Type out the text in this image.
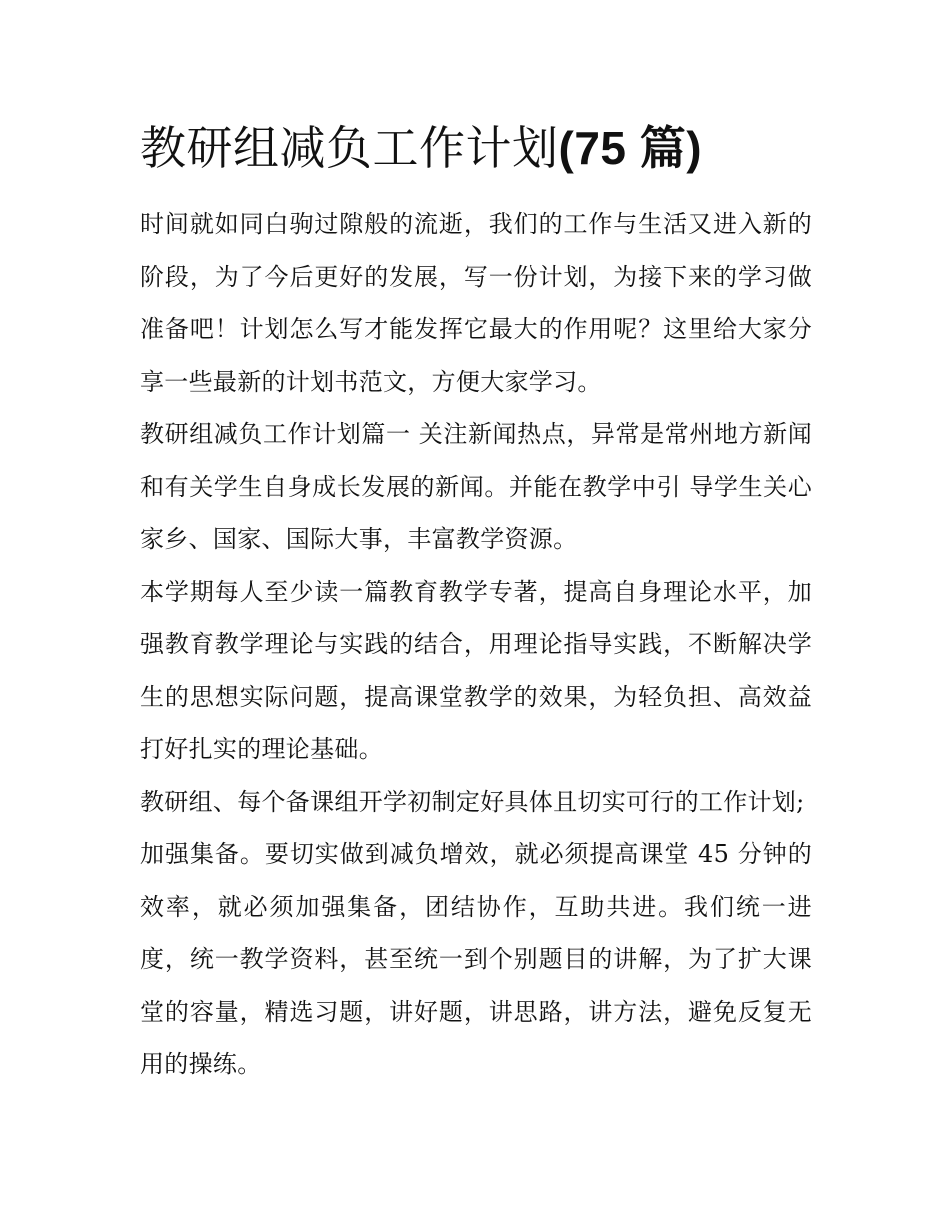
教研组减负工作计划(75 篇)

时间就如同白驹过隙般的流逝，我们的工作与生活又进入新的阶段，为了今后更好的发展，写一份计划，为接下来的学习做准备吧！计划怎么写才能发挥它最大的作用呢？这里给大家分享一些最新的计划书范文，方便大家学习。

教研组减负工作计划篇一 关注新闻热点，异常是常州地方新闻和有关学生自身成长发展的新闻。并能在教学中引 导学生关心家乡、国家、国际大事，丰富教学资源。

本学期每人至少读一篇教育教学专著，提高自身理论水平，加强教育教学理论与实践的结合，用理论指导实践，不断解决学生的思想实际问题，提高课堂教学的效果，为轻负担、高效益打好扎实的理论基础。

教研组、每个备课组开学初制定好具体且切实可行的工作计划;

加强集备。要切实做到减负增效，就必须提高课堂 45 分钟的效率，就必须加强集备，团结协作，互助共进。我们统一进度，统一教学资料，甚至统一到个别题目的讲解，为了扩大课堂的容量，精选习题，讲好题，讲思路，讲方法，避免反复无用的操练。
